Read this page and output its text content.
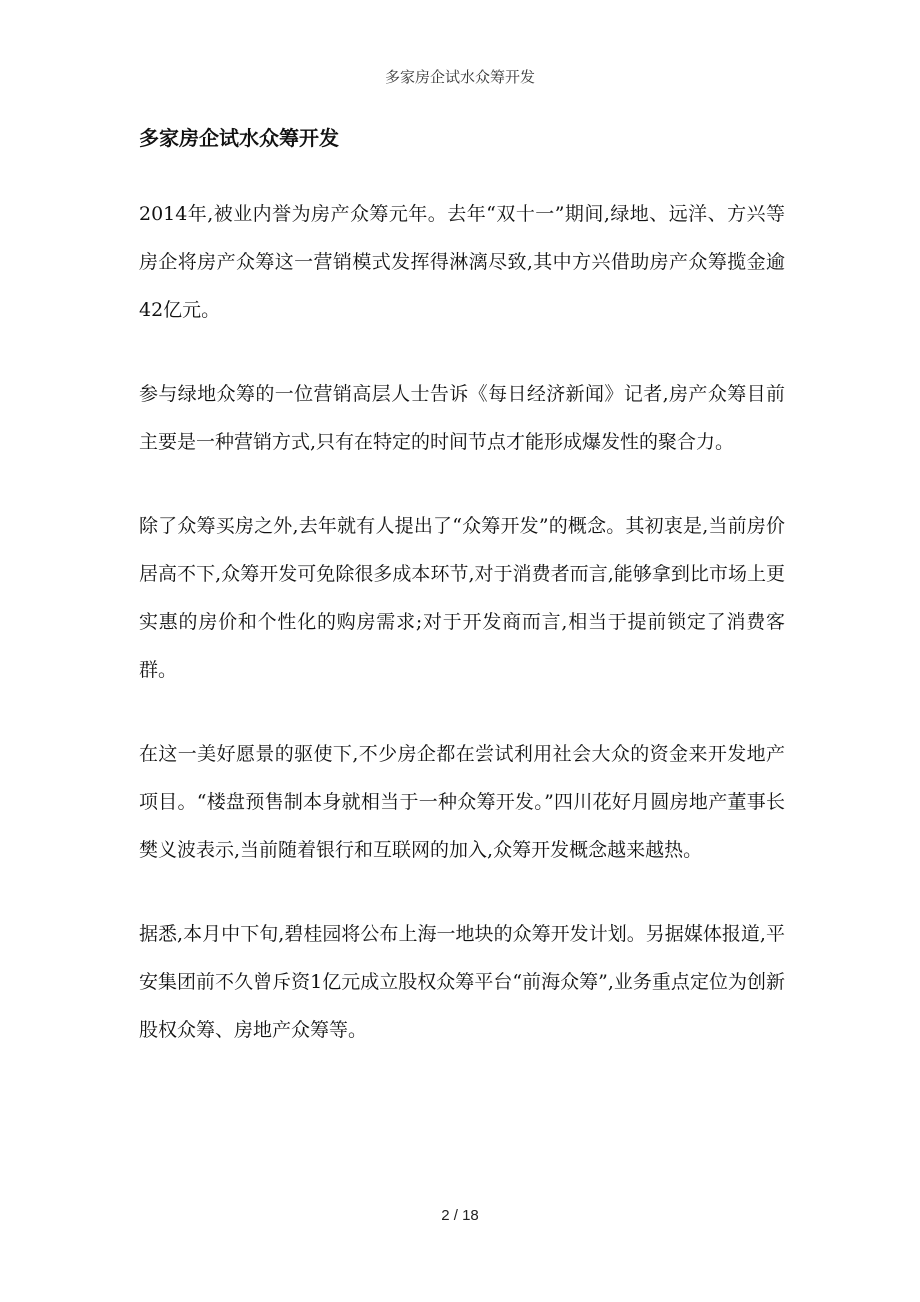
多家房企试水众筹开发
多家房企试水众筹开发

2014年,被业内誉为房产众筹元年。去年“双十一”期间,绿地、远洋、方兴等房企将房产众筹这一营销模式发挥得淋漓尽致,其中方兴借助房产众筹揽金逾42亿元。

参与绿地众筹的一位营销高层人士告诉《每日经济新闻》记者,房产众筹目前主要是一种营销方式,只有在特定的时间节点才能形成爆发性的聚合力。

除了众筹买房之外,去年就有人提出了“众筹开发”的概念。其初衷是,当前房价居高不下,众筹开发可免除很多成本环节,对于消费者而言,能够拿到比市场上更实惠的房价和个性化的购房需求;对于开发商而言,相当于提前锁定了消费客群。

在这一美好愿景的驱使下,不少房企都在尝试利用社会大众的资金来开发地产项目。“楼盘预售制本身就相当于一种众筹开发。”四川花好月圆房地产董事长樊义波表示,当前随着银行和互联网的加入,众筹开发概念越来越热。

据悉,本月中下旬,碧桂园将公布上海一地块的众筹开发计划。另据媒体报道,平安集团前不久曾斥资1亿元成立股权众筹平台“前海众筹”,业务重点定位为创新股权众筹、房地产众筹等。

2 / 18
